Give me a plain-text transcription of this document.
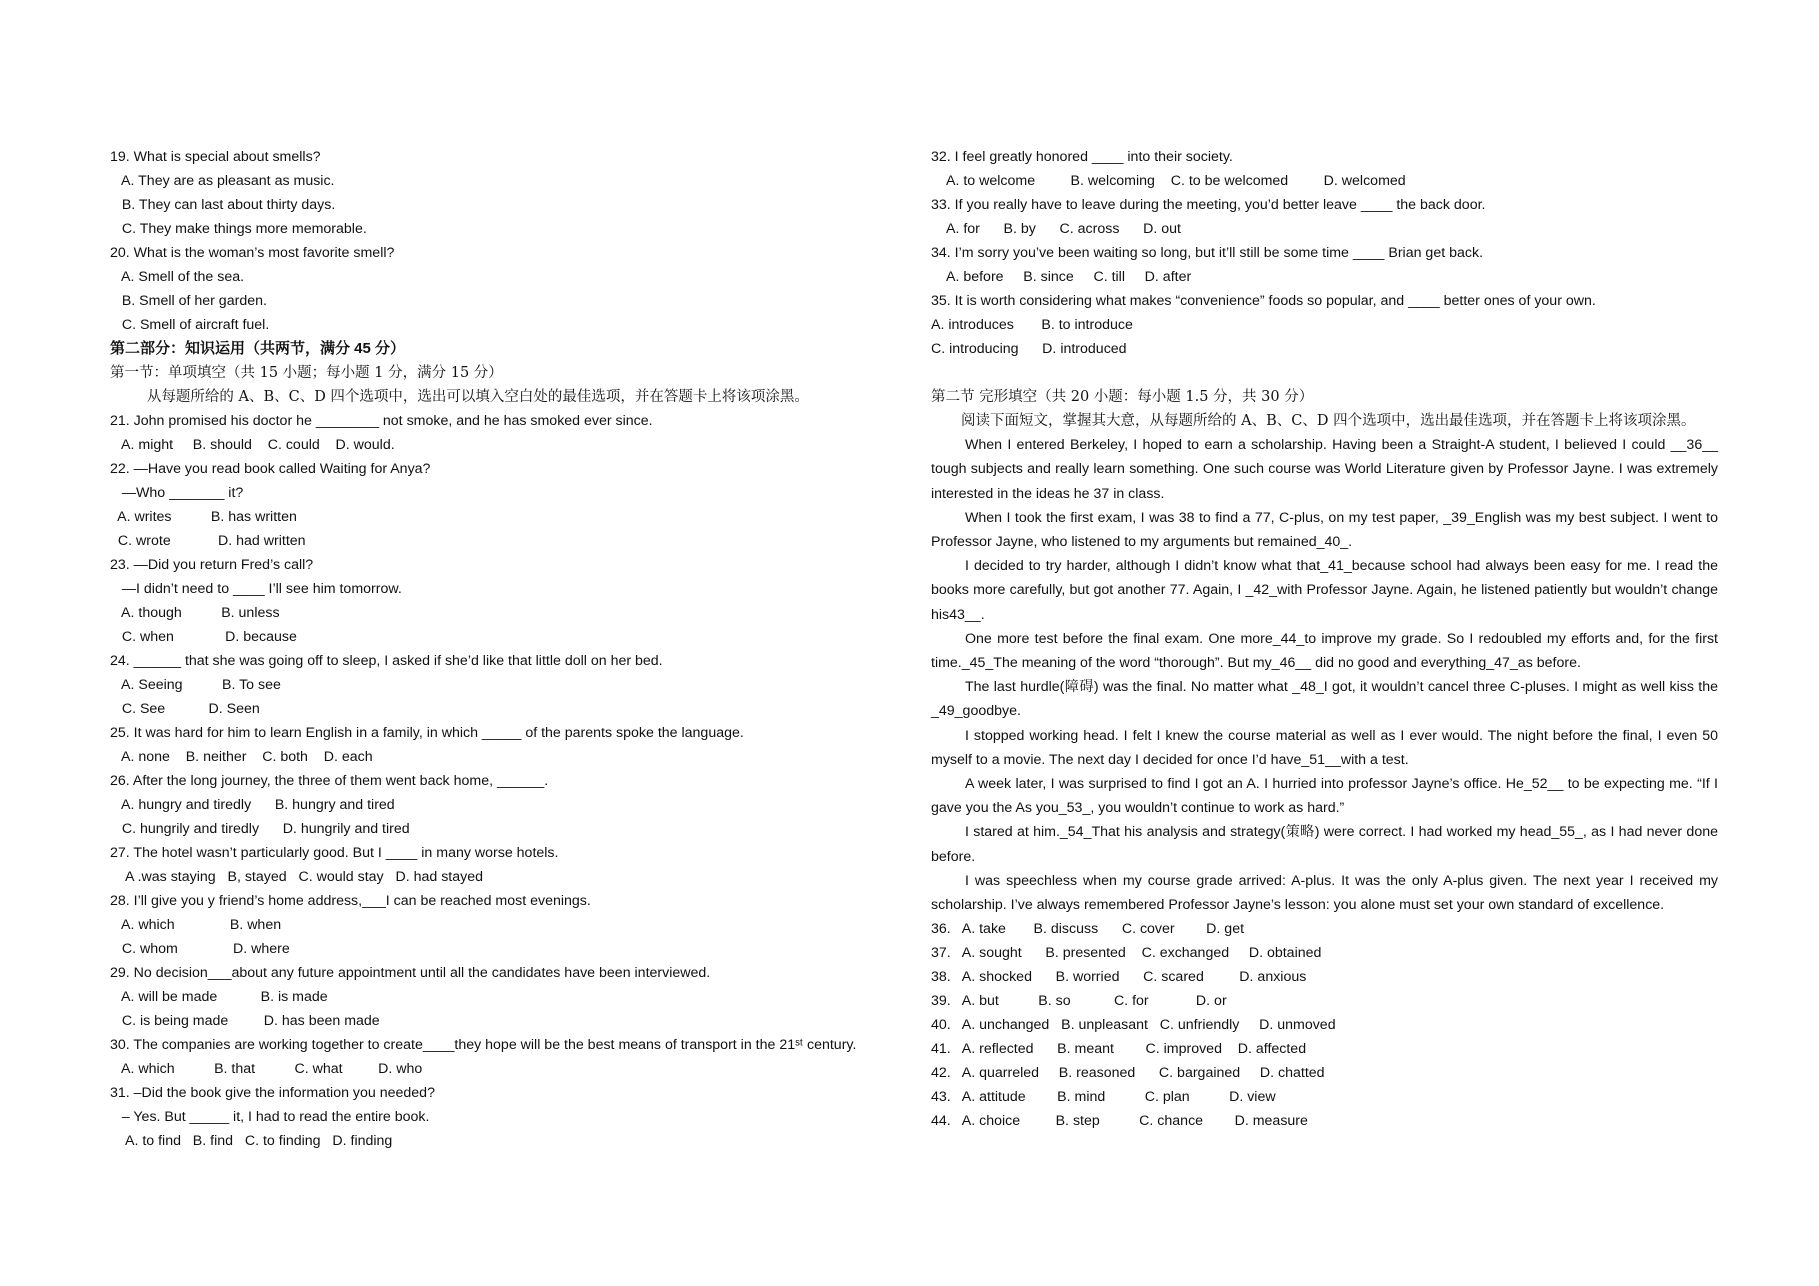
19. What is special about smells?
A. They are as pleasant as music.
B. They can last about thirty days.
C. They make things more memorable.
20. What is the woman’s most favorite smell?
A. Smell of the sea.
B. Smell of her garden.
C. Smell of aircraft fuel.
第二部分：知识运用（共两节，满分 45 分）
第一节：单项填空（共 15 小题；每小题 1 分，满分 15 分）
从每题所给的 A、B、C、D 四个选项中，选出可以填入空白处的最佳选项，并在答题卡上将该项涂黑。
21. John promised his doctor he ________ not smoke, and he has smoked ever since.
A. might     B. should    C. could    D. would.
22. —Have you read book called Waiting for Anya?
—Who _______ it?
A. writes          B. has written
C. wrote            D. had written
23. —Did you return Fred’s call?
—I didn’t need to ____ I’ll see him tomorrow.
A. though          B. unless
C. when             D. because
24. ______ that she was going off to sleep, I asked if she’d like that little doll on her bed.
A. Seeing          B. To see
C. See           D. Seen
25. It was hard for him to learn English in a family, in which _____ of the parents spoke the language.
A. none    B. neither    C. both    D. each
26. After the long journey, the three of them went back home, ______.
A. hungry and tiredly      B. hungry and tired
C. hungrily and tiredly      D. hungrily and tired
27. The hotel wasn’t particularly good. But I ____ in many worse hotels.
A .was staying   B, stayed   C. would stay   D. had stayed
28. I’ll give you y friend’s home address,___I can be reached most evenings.
A. which              B. when
C. whom              D. where
29. No decision___about any future appointment until all the candidates have been interviewed.
A. will be made           B. is made
C. is being made         D. has been made
30. The companies are working together to create____they hope will be the best means of transport in the 21ˢᵗ century.
A. which          B. that          C. what         D. who
31. –Did the book give the information you needed?
– Yes. But _____ it, I had to read the entire book.
A. to find   B. find   C. to finding   D. finding
32. I feel greatly honored ____ into their society.
A. to welcome         B. welcoming    C. to be welcomed         D. welcomed
33. If you really have to leave during the meeting, you’d better leave ____ the back door.
A. for      B. by      C. across      D. out
34. I’m sorry you’ve been waiting so long, but it’ll still be some time ____ Brian get back.
A. before     B. since     C. till     D. after
35. It is worth considering what makes “convenience” foods so popular, and ____ better ones of your own.
A. introduces       B. to introduce
C. introducing      D. introduced
第二节 完形填空（共 20 小题：每小题 1.5 分，共 30 分）
阅读下面短文，掌握其大意，从每题所给的 A、B、C、D 四个选项中，选出最佳选项，并在答题卡上将该项涂黑。

When I entered Berkeley, I hoped to earn a scholarship. Having been a Straight-A student, I believed I could __36__ tough subjects and really learn something. One such course was World Literature given by Professor Jayne. I was extremely interested in the ideas he 37 in class.

When I took the first exam, I was 38 to find a 77, C-plus, on my test paper, _39_English was my best subject. I went to Professor Jayne, who listened to my arguments but remained_40_.

I decided to try harder, although I didn’t know what that_41_because school had always been easy for me. I read the books more carefully, but got another 77. Again, I _42_with Professor Jayne. Again, he listened patiently but wouldn’t change his43__.

One more test before the final exam. One more_44_to improve my grade. So I redoubled my efforts and, for the first time._45_The meaning of the word “thorough”. But my_46__ did no good and everything_47_as before.

The last hurdle(障碍) was the final. No matter what _48_I got, it wouldn’t cancel three C-pluses. I might as well kiss the _49_goodbye.

I stopped working head. I felt I knew the course material as well as I ever would. The night before the final, I even 50 myself to a movie. The next day I decided for once I’d have_51__with a test.

A week later, I was surprised to find I got an A. I hurried into professor Jayne’s office. He_52__ to be expecting me. “If I gave you the As you_53_, you wouldn’t continue to work as hard.”

I stared at him._54_That his analysis and strategy(策略) were correct. I had worked my head_55_, as I had never done before.

I was speechless when my course grade arrived: A-plus. It was the only A-plus given. The next year I received my scholarship. I’ve always remembered Professor Jayne’s lesson: you alone must set your own standard of excellence.

36.   A. take       B. discuss      C. cover        D. get
37.   A. sought      B. presented    C. exchanged     D. obtained
38.   A. shocked      B. worried      C. scared         D. anxious
39.   A. but          B. so           C. for            D. or
40.   A. unchanged   B. unpleasant   C. unfriendly     D. unmoved
41.   A. reflected      B. meant        C. improved    D. affected
42.   A. quarreled     B. reasoned      C. bargained     D. chatted
43.   A. attitude        B. mind          C. plan          D. view
44.   A. choice         B. step          C. chance        D. measure
